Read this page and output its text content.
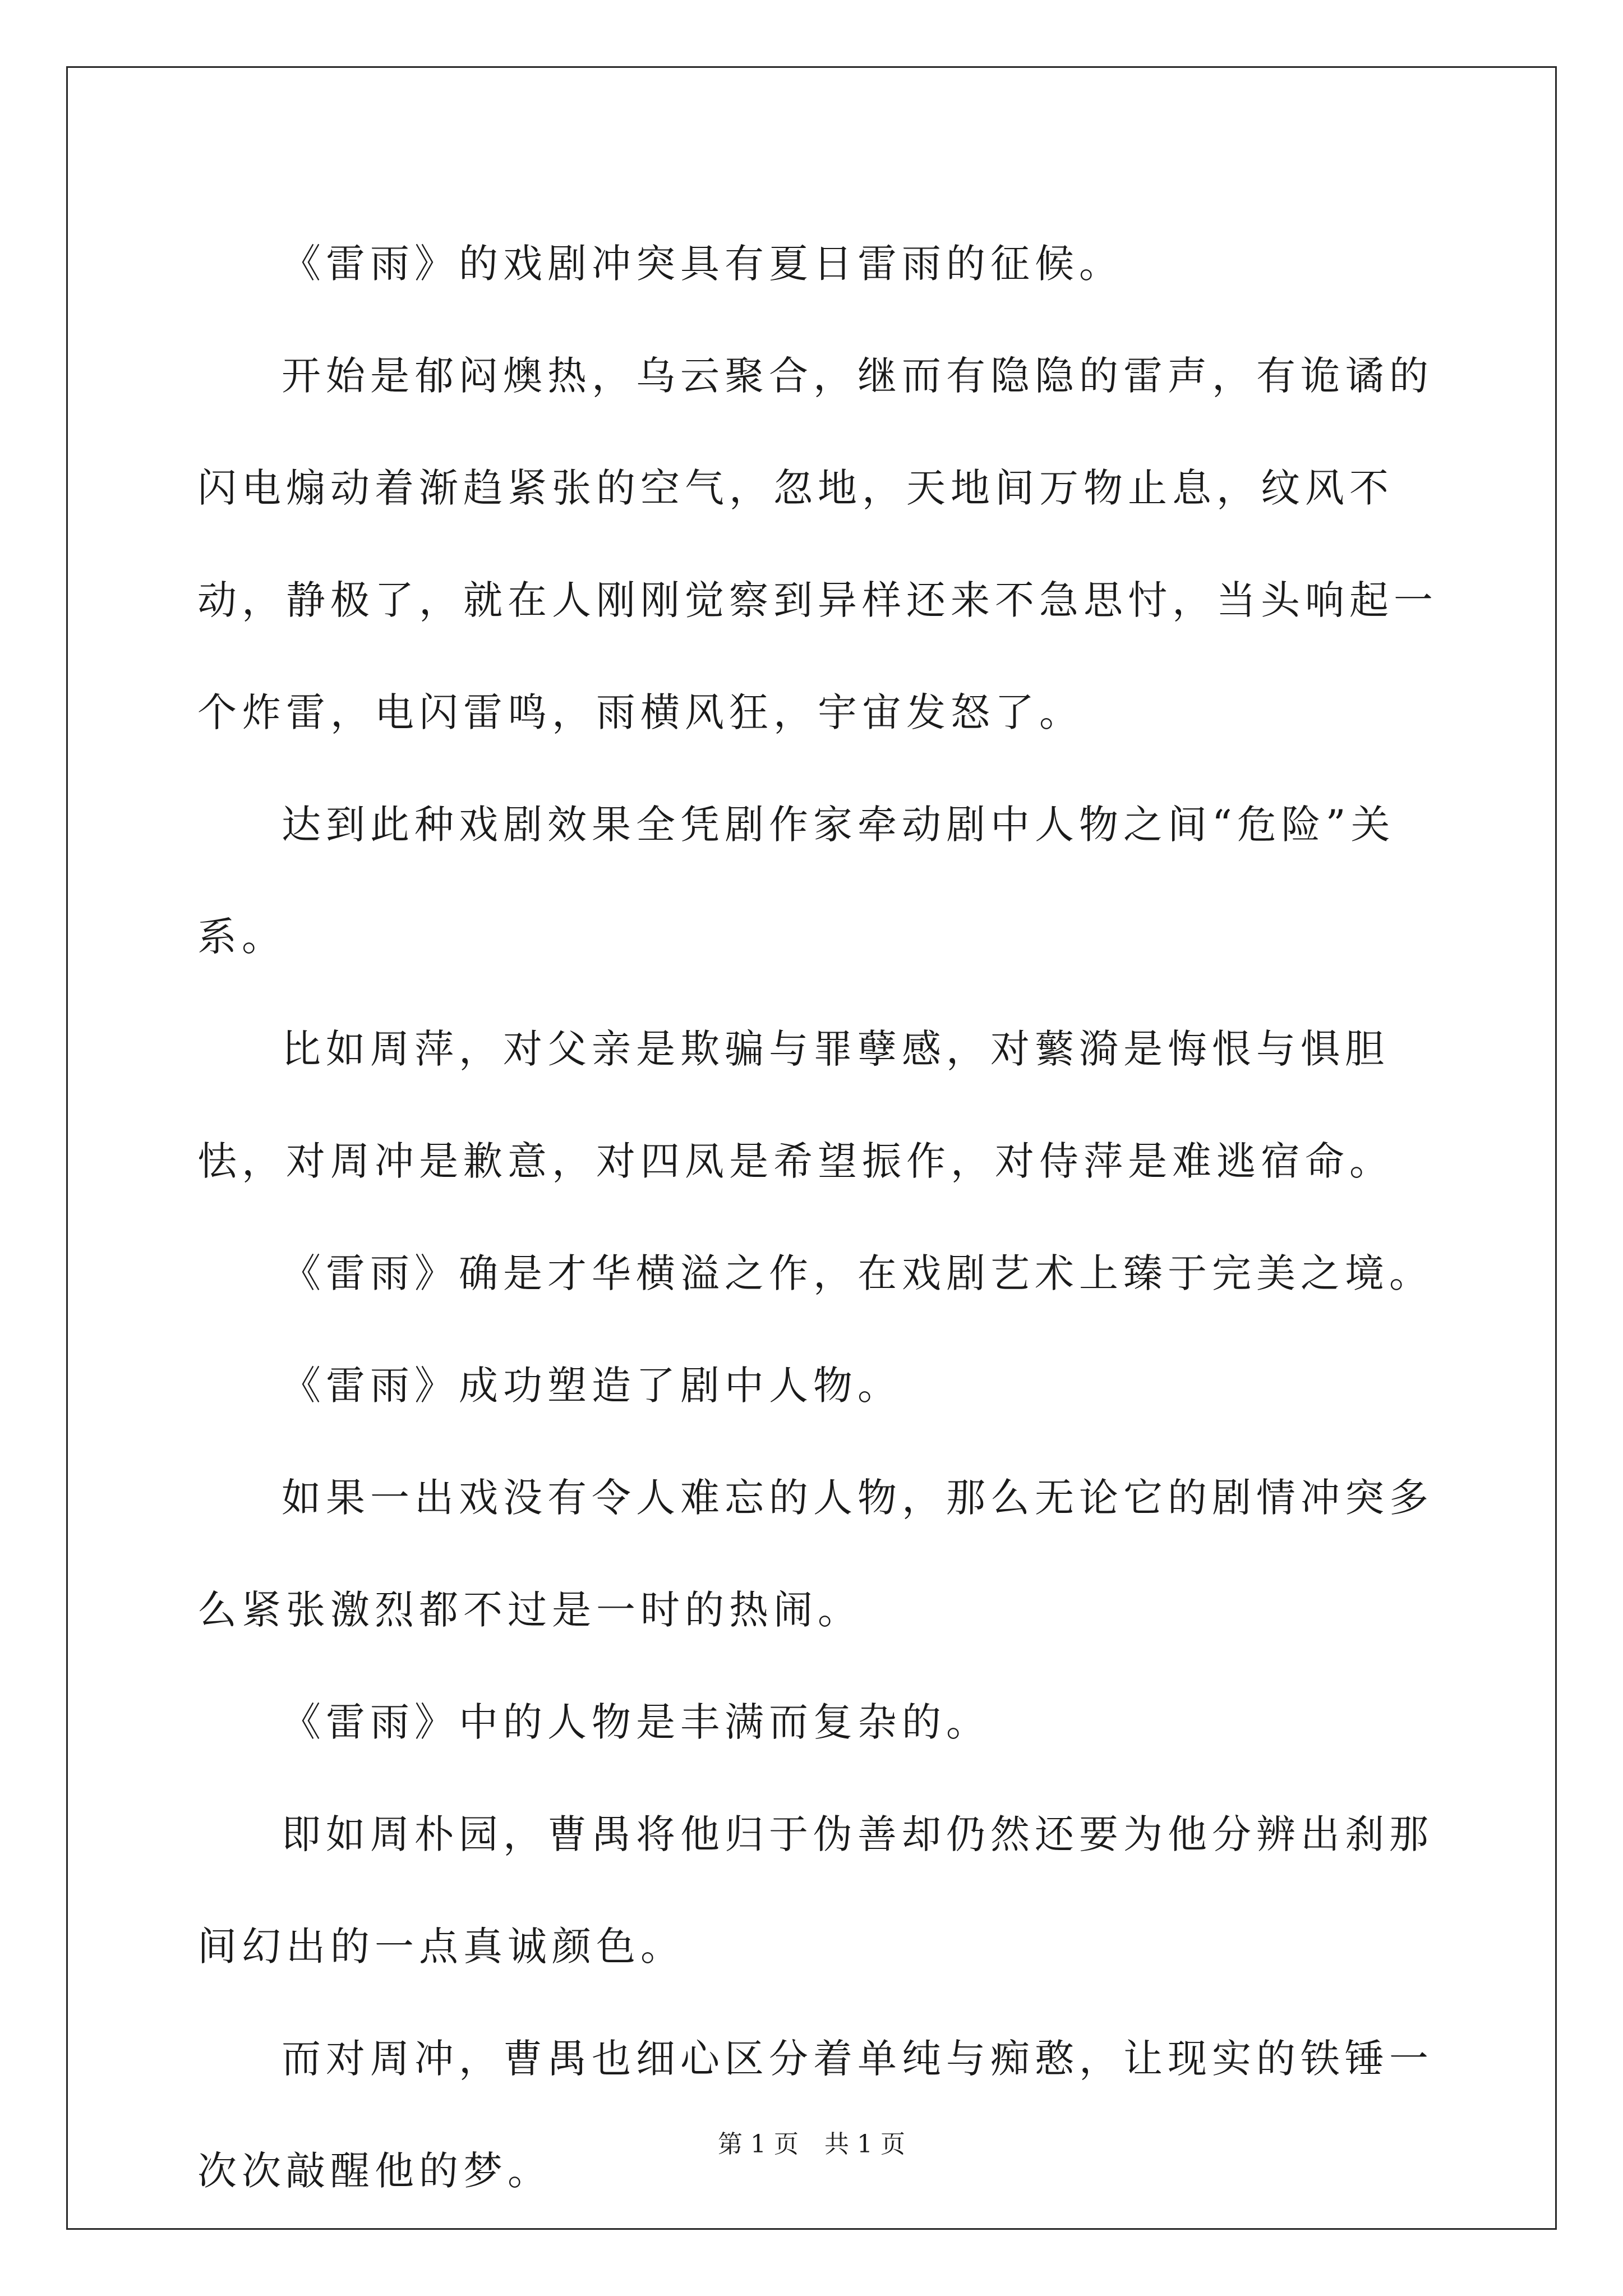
《雷雨》的戏剧冲突具有夏日雷雨的征候。

开始是郁闷燠热，乌云聚合，继而有隐隐的雷声，有诡谲的闪电煽动着渐趋紧张的空气，忽地，天地间万物止息，纹风不动，静极了，就在人刚刚觉察到异样还来不急思忖，当头响起一个炸雷，电闪雷鸣，雨横风狂，宇宙发怒了。

达到此种戏剧效果全凭剧作家牵动剧中人物之间“危险”关系。

比如周萍，对父亲是欺骗与罪孽感，对蘩漪是悔恨与惧胆怯，对周冲是歉意，对四凤是希望振作，对侍萍是难逃宿命。

《雷雨》确是才华横溢之作，在戏剧艺术上臻于完美之境。

《雷雨》成功塑造了剧中人物。

如果一出戏没有令人难忘的人物，那么无论它的剧情冲突多么紧张激烈都不过是一时的热闹。

《雷雨》中的人物是丰满而复杂的。

即如周朴园，曹禺将他归于伪善却仍然还要为他分辨出刹那间幻出的一点真诚颜色。

而对周冲，曹禺也细心区分着单纯与痴憨，让现实的铁锤一次次敲醒他的梦。

第 1 页 共 1 页
